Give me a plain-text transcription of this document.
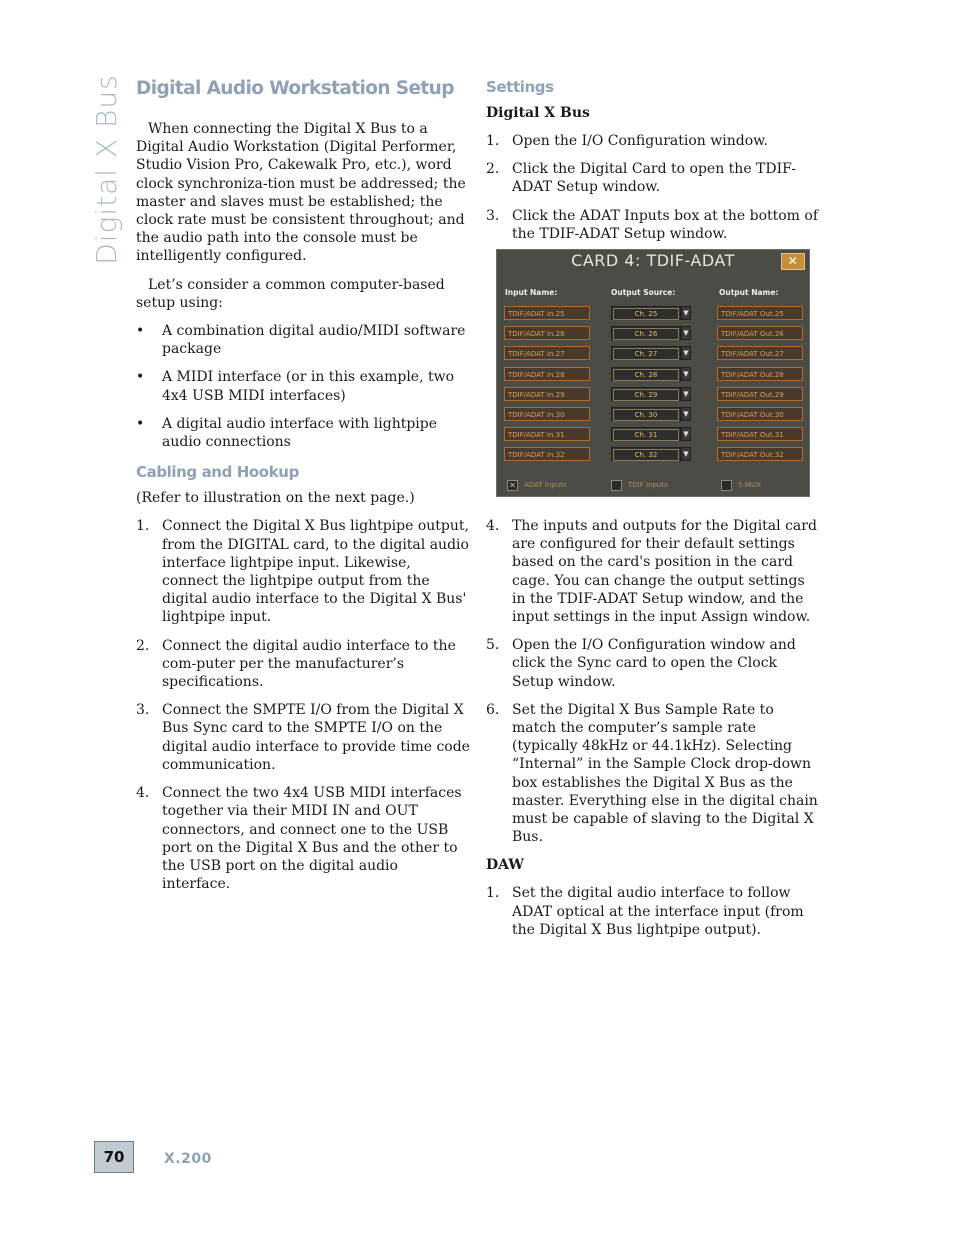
Digital X Bus Digital Audio Workstation Setup

When connecting the Digital X Bus to a Digital Audio Workstation (Digital Performer, Studio Vision Pro, Cakewalk Pro, etc.), word clock synchroniza-tion must be addressed; the master and slaves must be established; the clock rate must be consistent throughout; and the audio path into the console must be intelligently configured.

Let’s consider a common computer-based setup using:

• A combination digital audio/MIDI software package
• A MIDI interface (or in this example, two 4x4 USB MIDI interfaces)
• A digital audio interface with lightpipe audio connections
Cabling and Hookup

(Refer to illustration on the next page.)

1. Connect the Digital X Bus lightpipe output, from the DIGITAL card, to the digital audio interface lightpipe input. Likewise, connect the lightpipe output from the digital audio interface to the Digital X Bus' lightpipe input.
2. Connect the digital audio interface to the com-puter per the manufacturer’s specifications.
3. Connect the SMPTE I/O from the Digital X Bus Sync card to the SMPTE I/O on the digital audio interface to provide time code communication.
4. Connect the two 4x4 USB MIDI interfaces together via their MIDI IN and OUT connectors, and connect one to the USB port on the Digital X Bus and the other to the USB port on the digital audio interface.
Settings
Digital X Bus
1. Open the I/O Configuration window.
2. Click the Digital Card to open the TDIF-ADAT Setup window.
3. Click the ADAT Inputs box at the bottom of the TDIF-ADAT Setup window.
CARD 4: TDIF-ADAT	✕
Input Name:	Output Source:	Output Name:
TDIF/ADAT In.25	Ch. 25	▼	TDIF/ADAT Out.25
TDIF/ADAT In.26	Ch. 26	▼	TDIF/ADAT Out.26
TDIF/ADAT In.27	Ch. 27	▼	TDIF/ADAT Out.27
TDIF/ADAT In.28	Ch. 28	▼	TDIF/ADAT Out.28
TDIF/ADAT In.29	Ch. 29	▼	TDIF/ADAT Out.29
TDIF/ADAT In.30	Ch. 30	▼	TDIF/ADAT Out.30
TDIF/ADAT In.31	Ch. 31	▼	TDIF/ADAT Out.31
TDIF/ADAT In.32	Ch. 32	▼	TDIF/ADAT Out.32
✕	ADAT Inputs	TDIF Inputs	S-MUX
4. The inputs and outputs for the Digital card are configured for their default settings based on the card's position in the card cage. You can change the output settings in the TDIF-ADAT Setup window, and the input settings in the input Assign window.
5. Open the I/O Configuration window and click the Sync card to open the Clock Setup window.
6. Set the Digital X Bus Sample Rate to match the computer’s sample rate (typically 48kHz or 44.1kHz). Selecting “Internal” in the Sample Clock drop-down box establishes the Digital X Bus as the master. Everything else in the digital chain must be capable of slaving to the Digital X Bus.
DAW
1. Set the digital audio interface to follow ADAT optical at the interface input (from the Digital X Bus lightpipe output).
70	X.200
